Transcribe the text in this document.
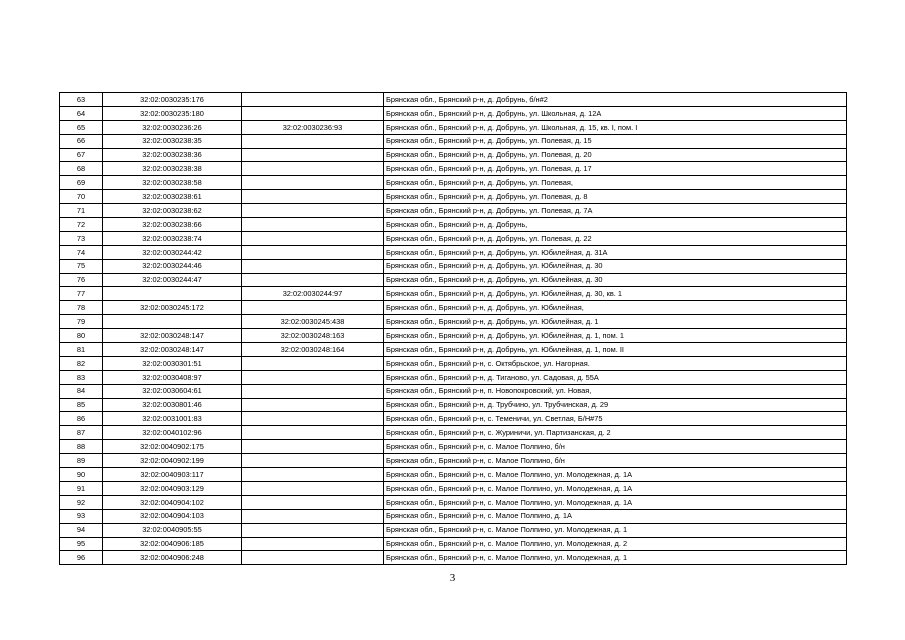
63	32:02:0030235:176		Брянская обл., Брянский р-н, д. Добрунь, б/н#2
64	32:02:0030235:180		Брянская обл., Брянский р-н, д. Добрунь, ул. Школьная, д. 12А
65	32:02:0030236:26	32:02:0030236:93	Брянская обл., Брянский р-н, д. Добрунь, ул. Школьная, д. 15, кв. I, пом. I
66	32:02:0030238:35		Брянская обл., Брянский р-н, д. Добрунь, ул. Полевая, д. 15
67	32:02:0030238:36		Брянская обл., Брянский р-н, д. Добрунь, ул. Полевая, д. 20
68	32:02:0030238:38		Брянская обл., Брянский р-н, д. Добрунь, ул. Полевая, д. 17
69	32:02:0030238:58		Брянская обл., Брянский р-н, д. Добрунь, ул. Полевая,
70	32:02:0030238:61		Брянская обл., Брянский р-н, д. Добрунь, ул. Полевая, д. 8
71	32:02:0030238:62		Брянская обл., Брянский р-н, д. Добрунь, ул. Полевая, д. 7А
72	32:02:0030238:66		Брянская обл., Брянский р-н, д. Добрунь,
73	32:02:0030238:74		Брянская обл., Брянский р-н, д. Добрунь, ул. Полевая, д. 22
74	32:02:0030244:42		Брянская обл., Брянский р-н, д. Добрунь, ул. Юбилейная, д. 31А
75	32:02:0030244:46		Брянская обл., Брянский р-н, д. Добрунь, ул. Юбилейная, д. 30
76	32:02:0030244:47		Брянская обл., Брянский р-н, д. Добрунь, ул. Юбилейная, д. 30
77		32:02:0030244:97	Брянская обл., Брянский р-н, д. Добрунь, ул. Юбилейная, д. 30, кв. 1
78	32:02:0030245:172		Брянская обл., Брянский р-н, д. Добрунь, ул. Юбилейная,
79		32:02:0030245:438	Брянская обл., Брянский р-н, д. Добрунь, ул. Юбилейная, д. 1
80	32:02:0030248:147	32:02:0030248:163	Брянская обл., Брянский р-н, д. Добрунь, ул. Юбилейная, д. 1, пом. 1
81	32:02:0030248:147	32:02:0030248:164	Брянская обл., Брянский р-н, д. Добрунь, ул. Юбилейная, д. 1, пом. II
82	32:02:0030301:51		Брянская обл., Брянский р-н, с. Октябрьское, ул. Нагорная.
83	32:02:0030408:97		Брянская обл., Брянский р-н, д. Тиганово, ул. Садовая, д. 55А
84	32:02:0030604:61		Брянская обл., Брянский р-н, п. Новопокровский, ул. Новая,
85	32:02:0030801:46		Брянская обл., Брянский р-н, д. Трубчино, ул. Трубчинская, д. 29
86	32:02:0031001:83		Брянская обл., Брянский р-н, с. Теменичи, ул. Светлая, Б/Н#75
87	32:02:0040102:96		Брянская обл., Брянский р-н, с. Журиничи, ул. Партизанская, д. 2
88	32:02:0040902:175		Брянская обл., Брянский р-н, с. Малое Полпино, б/н
89	32:02:0040902:199		Брянская обл., Брянский р-н, с. Малое Полпино, б/н
90	32:02:0040903:117		Брянская обл., Брянский р-н, с. Малое Полпино, ул. Молодежная, д. 1А
91	32:02:0040903:129		Брянская обл., Брянский р-н, с. Малое Полпино, ул. Молодежная, д. 1А
92	32:02:0040904:102		Брянская обл., Брянский р-н, с. Малое Полпино, ул. Молодежная, д. 1А
93	32:02:0040904:103		Брянская обл., Брянский р-н, с. Малое Полпино, д. 1А
94	32:02:0040905:55		Брянская обл., Брянский р-н, с. Малое Полпино, ул. Молодежная, д. 1
95	32:02:0040906:185		Брянская обл., Брянский р-н, с. Малое Полпино, ул. Молодежная, д. 2
96	32:02:0040906:248		Брянская обл., Брянский р-н, с. Малое Полпино, ул. Молодежная, д. 1
3
